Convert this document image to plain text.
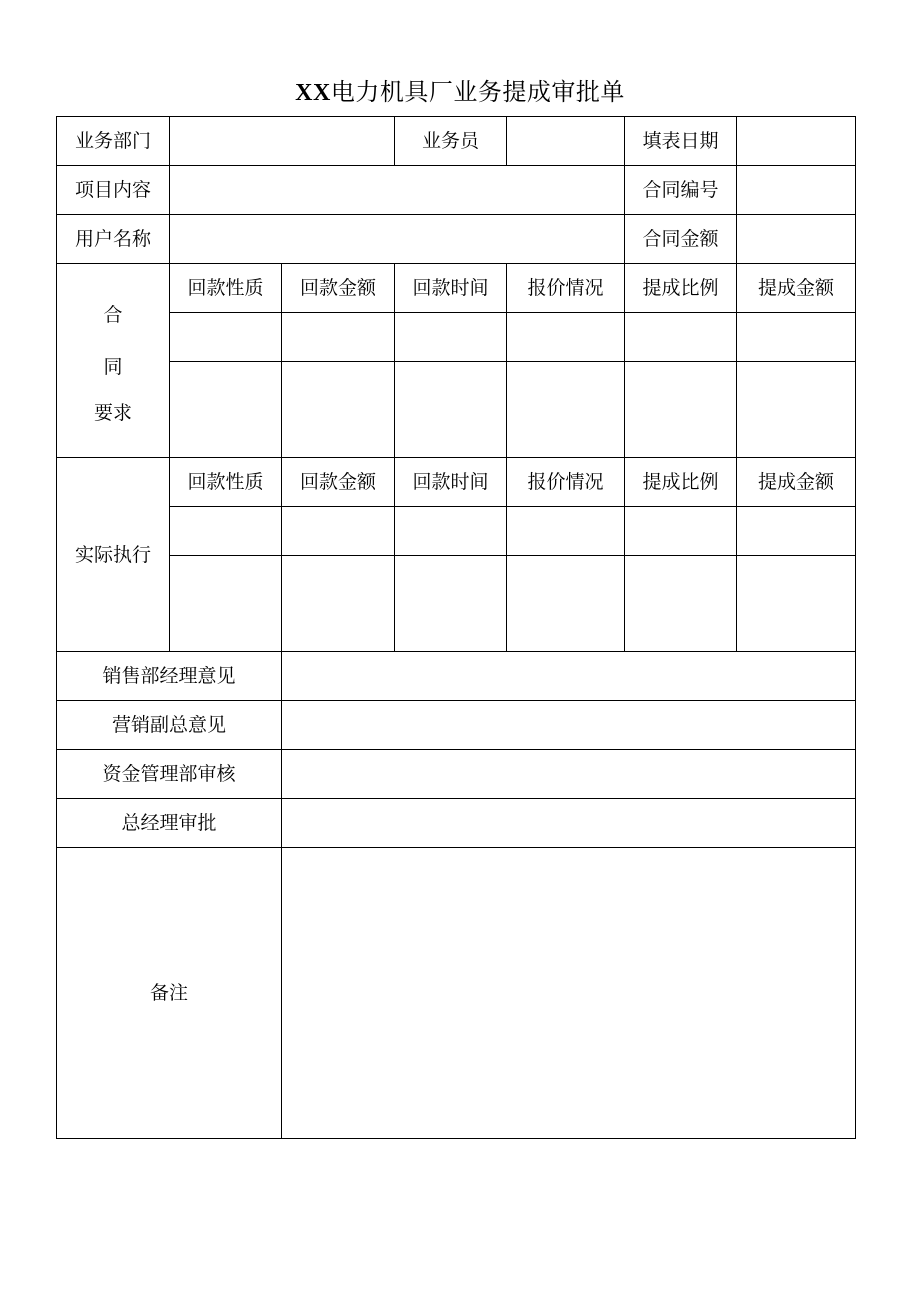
XX电力机具厂业务提成审批单
业务部门			业务员		填表日期	
项目内容					合同编号	
用户名称					合同金额	

合
同
要求	回款性质	回款金额	回款时间	报价情况	提成比例	提成金额

实际执行	回款性质	回款金额	回款时间	报价情况	提成比例	提成金额

销售部经理意见						
营销副总意见						
资金管理部审核						
总经理审批						
备注						
